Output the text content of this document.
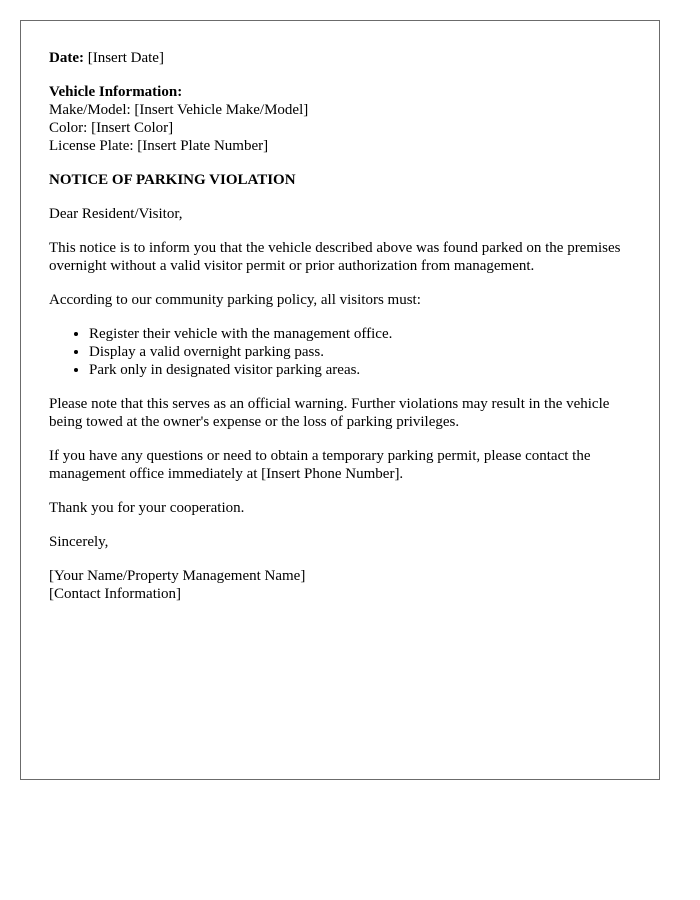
Date: [Insert Date]

Vehicle Information:
Make/Model: [Insert Vehicle Make/Model]
Color: [Insert Color]
License Plate: [Insert Plate Number]

NOTICE OF PARKING VIOLATION

Dear Resident/Visitor,

This notice is to inform you that the vehicle described above was found parked on the premises overnight without a valid visitor permit or prior authorization from management.

According to our community parking policy, all visitors must:

• Register their vehicle with the management office.
• Display a valid overnight parking pass.
• Park only in designated visitor parking areas.

Please note that this serves as an official warning. Further violations may result in the vehicle being towed at the owner's expense or the loss of parking privileges.

If you have any questions or need to obtain a temporary parking permit, please contact the management office immediately at [Insert Phone Number].

Thank you for your cooperation.

Sincerely,

[Your Name/Property Management Name]
[Contact Information]
